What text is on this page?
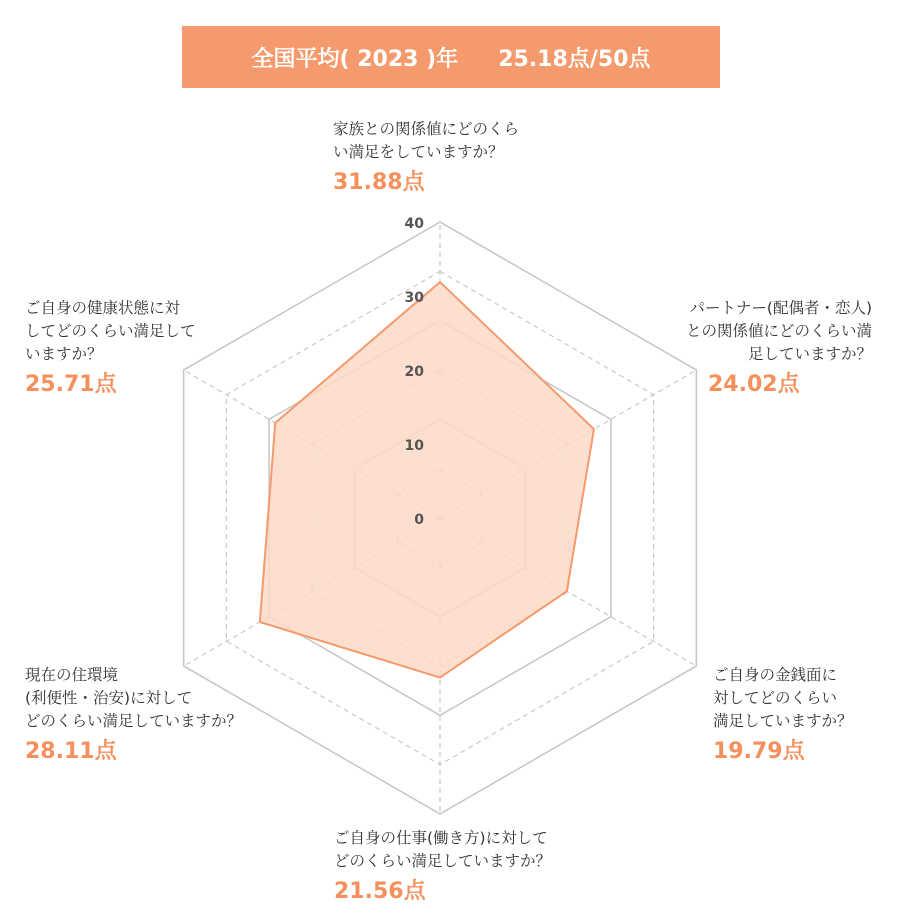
全国平均( 2023 )年 25.18点/50点
0
10
20
30
40
家族との関係値にどのくら
い満足をしていますか？
31.88点
パートナー(配偶者・恋人)
との関係値にどのくらい満
足していますか？
24.02点
ご自身の金銭面に
対してどのくらい
満足していますか？
19.79点
ご自身の仕事(働き方)に対して
どのくらい満足していますか？
21.56点
現在の住環境
(利便性・治安)に対して
どのくらい満足していますか？
28.11点
ご自身の健康状態に対
してどのくらい満足して
いますか？
25.71点
